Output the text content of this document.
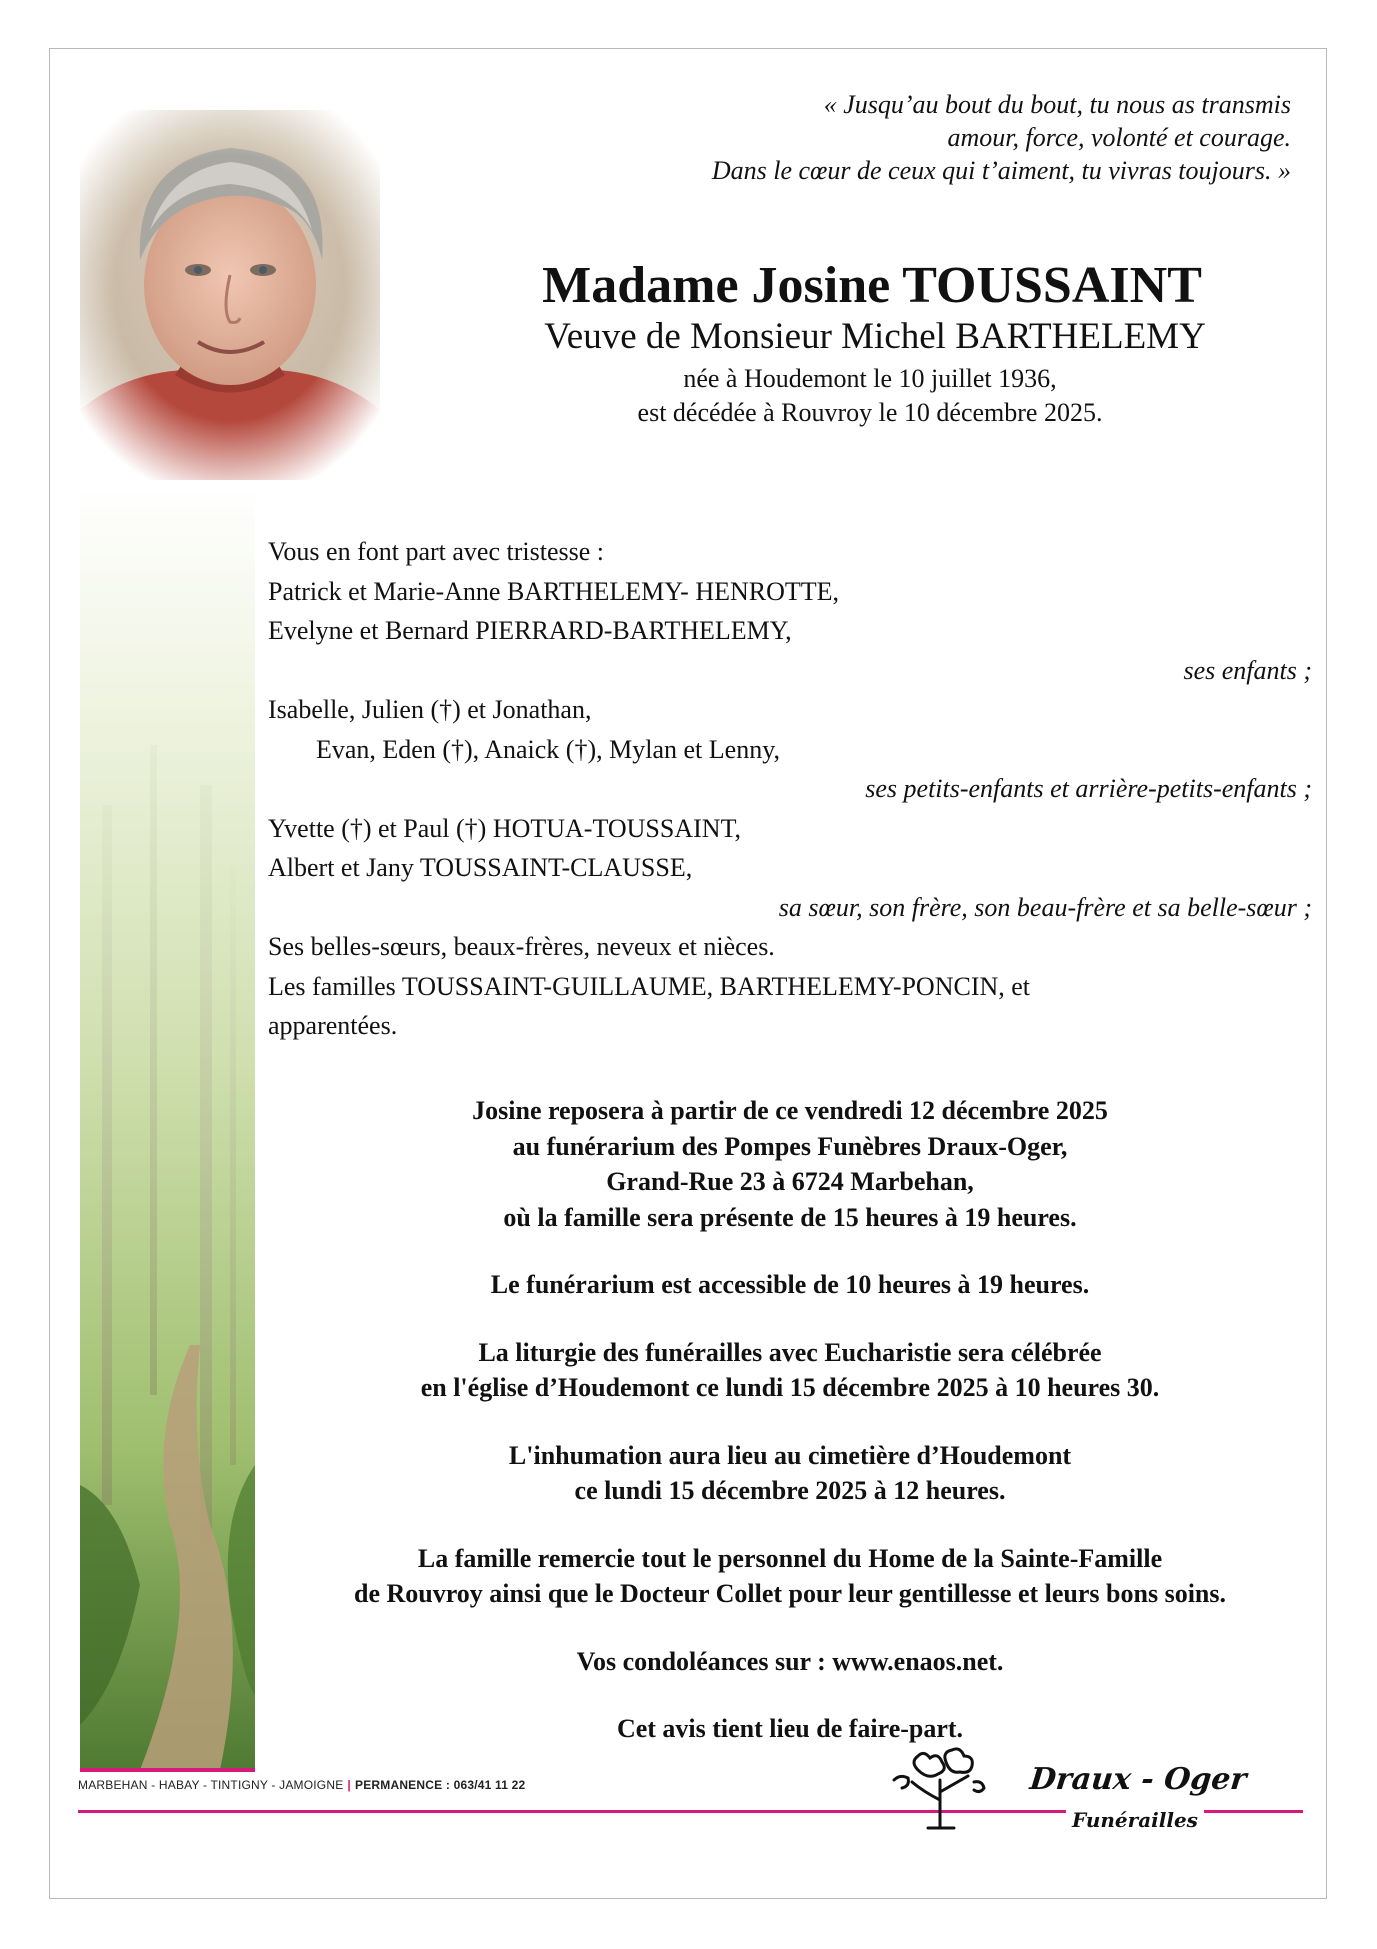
« Jusqu’au bout du bout, tu nous as transmis
amour, force, volonté et courage.
Dans le cœur de ceux qui t’aiment, tu vivras toujours. »
Madame Josine TOUSSAINT
Veuve de Monsieur Michel BARTHELEMY
née à Houdemont le 10 juillet 1936,
est décédée à Rouvroy le 10 décembre 2025.
Vous en font part avec tristesse :
Patrick et Marie-Anne BARTHELEMY- HENROTTE,
Evelyne et Bernard PIERRARD-BARTHELEMY,
ses enfants ;
Isabelle, Julien (†) et Jonathan,
Evan, Eden (†), Anaick (†), Mylan et Lenny,
ses petits-enfants et arrière-petits-enfants ;
Yvette (†) et Paul (†) HOTUA-TOUSSAINT,
Albert et Jany TOUSSAINT-CLAUSSE,
sa sœur, son frère, son beau-frère et sa belle-sœur ;
Ses belles-sœurs, beaux-frères, neveux et nièces.
Les familles TOUSSAINT-GUILLAUME, BARTHELEMY-PONCIN, et
apparentées.
Josine reposera à partir de ce vendredi 12 décembre 2025
au funérarium des Pompes Funèbres Draux-Oger,
Grand-Rue 23 à 6724 Marbehan,
où la famille sera présente de 15 heures à 19 heures.
Le funérarium est accessible de 10 heures à 19 heures.
La liturgie des funérailles avec Eucharistie sera célébrée
en l'église d’Houdemont ce lundi 15 décembre 2025 à 10 heures 30.
L'inhumation aura lieu au cimetière d’Houdemont
ce lundi 15 décembre 2025 à 12 heures.
La famille remercie tout le personnel du Home de la Sainte-Famille
de Rouvroy ainsi que le Docteur Collet pour leur gentillesse et leurs bons soins.
Vos condoléances sur : www.enaos.net.
Cet avis tient lieu de faire-part.
MARBEHAN - HABAY - TINTIGNY - JAMOIGNE | PERMANENCE : 063/41 11 22	Draux - Oger
Funérailles
